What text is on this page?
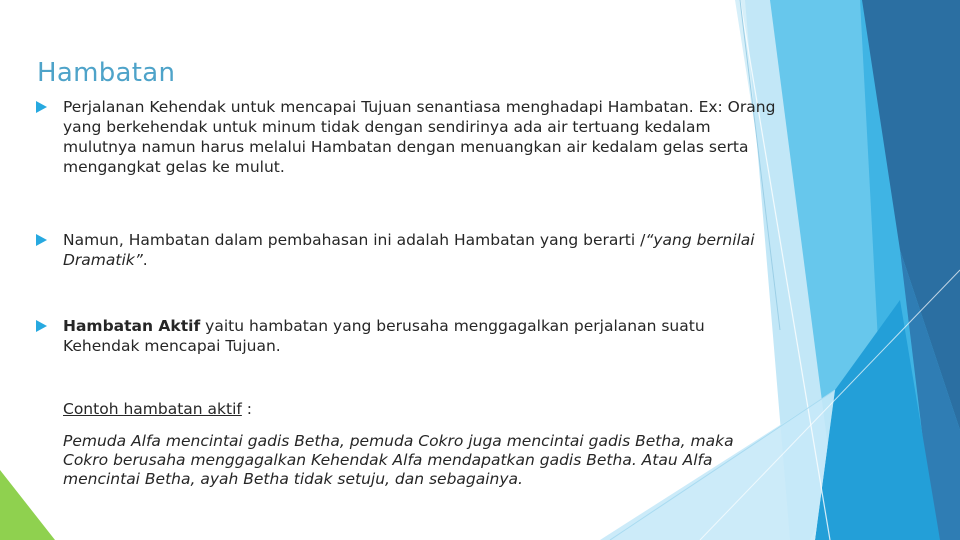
Hambatan
Perjalanan Kehendak untuk mencapai Tujuan senantiasa menghadapi Hambatan. Ex: Orang yang berkehendak untuk minum tidak dengan sendirinya ada air tertuang kedalam mulutnya namun harus melalui Hambatan dengan menuangkan air kedalam gelas serta mengangkat gelas ke mulut.
Namun, Hambatan dalam pembahasan ini adalah Hambatan yang berarti /“yang bernilai Dramatik”.
Hambatan Aktif yaitu hambatan yang berusaha menggagalkan perjalanan suatu Kehendak mencapai Tujuan.
Contoh hambatan aktif :
Pemuda Alfa mencintai gadis Betha, pemuda Cokro juga mencintai gadis Betha, maka Cokro berusaha menggagalkan Kehendak Alfa mendapatkan gadis Betha. Atau Alfa mencintai Betha, ayah Betha tidak setuju, dan sebagainya.
